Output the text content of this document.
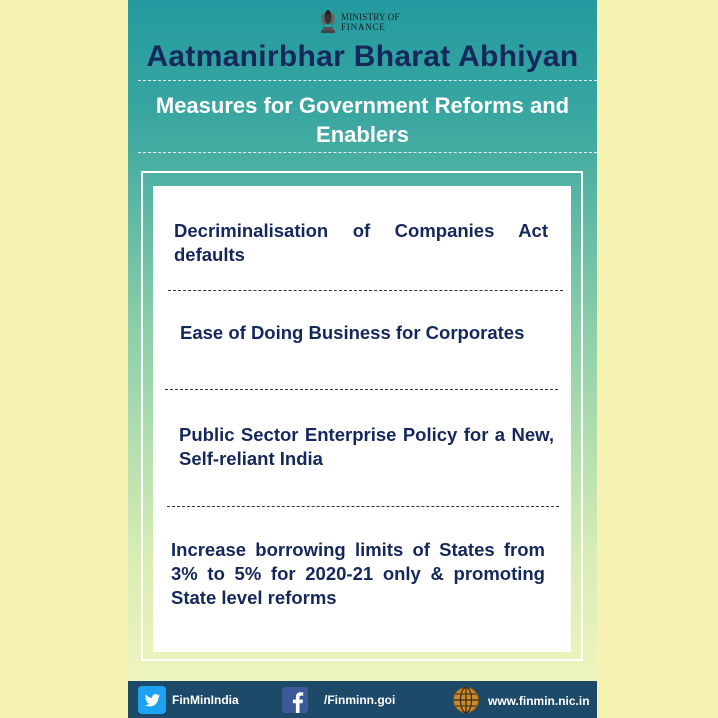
MINISTRY OF
FINANCE
Aatmanirbhar Bharat Abhiyan
Measures for Government Reforms and Enablers
Decriminalisation of Companies Act defaults
Ease of Doing Business for Corporates
Public Sector Enterprise Policy for a New, Self-reliant India
Increase borrowing limits of States from 3% to 5% for 2020-21 only & promoting State level reforms
FinMinIndia	/Finminn.goi	www.finmin.nic.in
